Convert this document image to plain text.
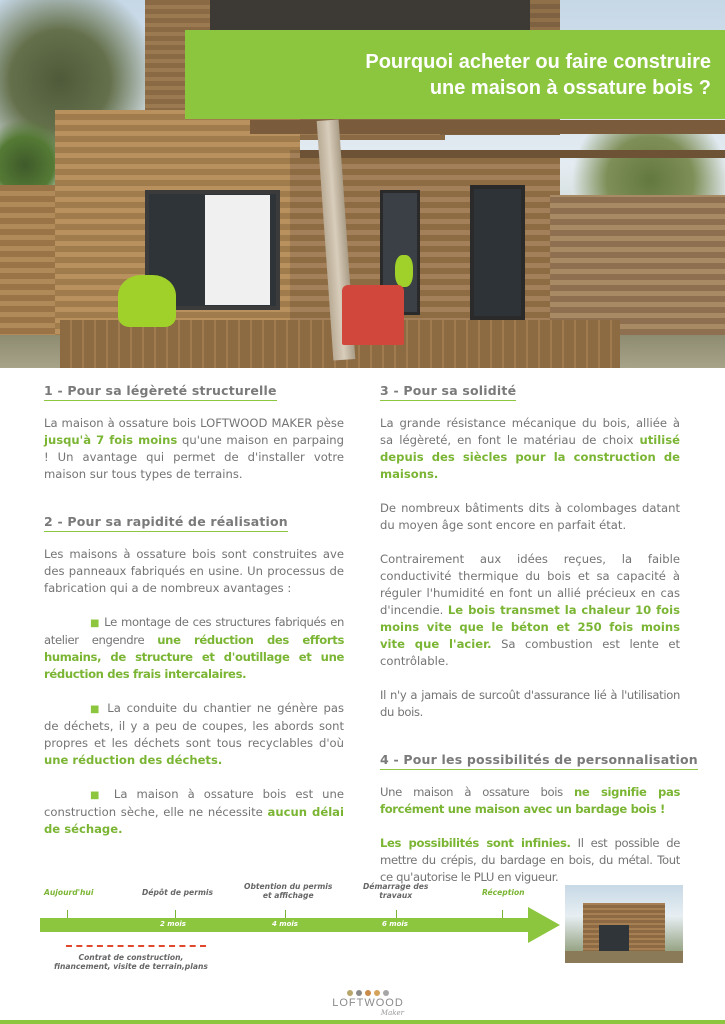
Pourquoi acheter ou faire construire
une maison à ossature bois ?
1 - Pour sa légèreté structurelle

La maison à ossature bois LOFTWOOD MAKER pèse jusqu'à 7 fois moins qu'une maison en parpaing ! Un avantage qui permet de d'installer votre maison sur tous types de terrains.

2 - Pour sa rapidité de réalisation

Les maisons à ossature bois sont construites ave des panneaux fabriqués en usine. Un processus de fabrication qui a de nombreux avantages :

■ Le montage de ces structures fabriqués en atelier engendre une réduction des efforts humains, de structure et d'outillage et une réduction des frais intercalaires.

■ La conduite du chantier ne génère pas de déchets, il y a peu de coupes, les abords sont propres et les déchets sont tous recyclables d'où une réduction des déchets.

■ La maison à ossature bois est une construction sèche, elle ne nécessite aucun délai de séchage.

3 - Pour sa solidité

La grande résistance mécanique du bois, alliée à sa légèreté, en font le matériau de choix utilisé depuis des siècles pour la construction de maisons.

De nombreux bâtiments dits à colombages datant du moyen âge sont encore en parfait état.

Contrairement aux idées reçues, la faible conductivité thermique du bois et sa capacité à réguler l'humidité en font un allié précieux en cas d'incendie. Le bois transmet la chaleur 10 fois moins vite que le béton et 250 fois moins vite que l'acier. Sa combustion est lente et contrôlable.

Il n'y a jamais de surcoût d'assurance lié à l'utilisation du bois.

4 - Pour les possibilités de personnalisation

Une maison à ossature bois ne signifie pas forcément une maison avec un bardage bois !

Les possibilités sont infinies. Il est possible de mettre du crépis, du bardage en bois, du métal. Tout ce qu'autorise le PLU en vigueur.

Aujourd'hui	Dépôt de permis
Obtention du permis
et affichage
Démarrage des
travaux	Réception
2 mois	4 mois	6 mois
Contrat de construction,
financement, visite de terrain,plans
LOFTWOOD
Maker
